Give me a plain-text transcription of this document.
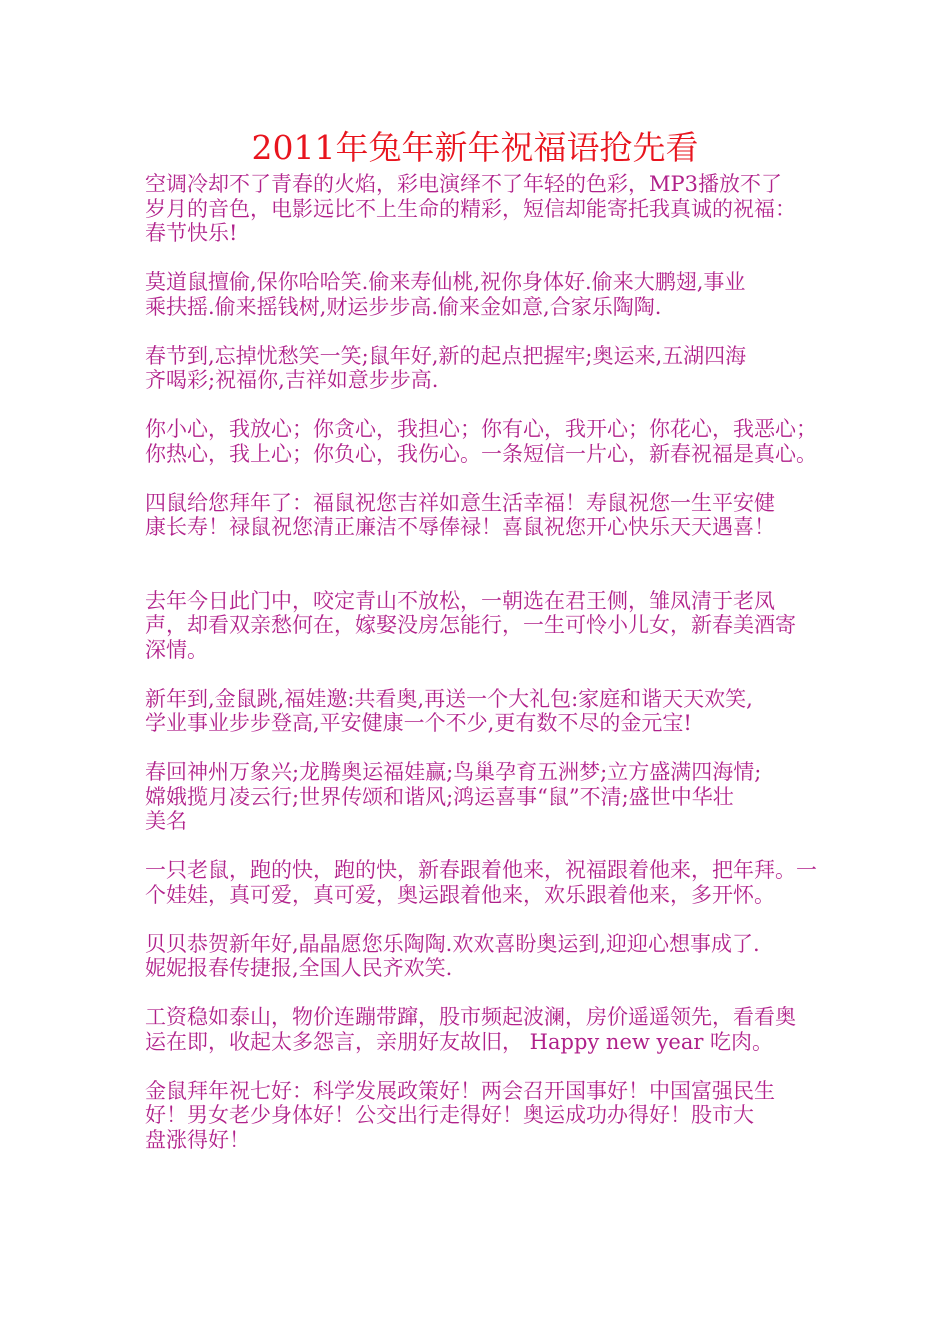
2011年兔年新年祝福语抢先看

空调冷却不了青春的火焰，彩电演绎不了年轻的色彩，MP3播放不了
岁月的音色，电影远比不上生命的精彩，短信却能寄托我真诚的祝福：
春节快乐!

莫道鼠擅偷,保你哈哈笑.偷来寿仙桃,祝你身体好.偷来大鹏翅,事业
乘扶摇.偷来摇钱树,财运步步高.偷来金如意,合家乐陶陶.

春节到,忘掉忧愁笑一笑;鼠年好,新的起点把握牢;奥运来,五湖四海
齐喝彩;祝福你,吉祥如意步步高.

你小心，我放心；你贪心，我担心；你有心，我开心；你花心，我恶心；
你热心，我上心；你负心，我伤心。一条短信一片心，新春祝福是真心。

四鼠给您拜年了：福鼠祝您吉祥如意生活幸福！寿鼠祝您一生平安健
康长寿！禄鼠祝您清正廉洁不辱俸禄！喜鼠祝您开心快乐天天遇喜！

去年今日此门中，咬定青山不放松，一朝选在君王侧，雏凤清于老凤
声，却看双亲愁何在，嫁娶没房怎能行，一生可怜小儿女，新春美酒寄
深情。

新年到,金鼠跳,福娃邀:共看奥,再送一个大礼包:家庭和谐天天欢笑,
学业事业步步登高,平安健康一个不少,更有数不尽的金元宝!

春回神州万象兴;龙腾奥运福娃赢;鸟巢孕育五洲梦;立方盛满四海情;
嫦娥揽月凌云行;世界传颂和谐风;鸿运喜事“鼠”不清;盛世中华壮
美名

一只老鼠，跑的快，跑的快，新春跟着他来，祝福跟着他来，把年拜。一
个娃娃，真可爱，真可爱，奥运跟着他来，欢乐跟着他来，多开怀。

贝贝恭贺新年好,晶晶愿您乐陶陶.欢欢喜盼奥运到,迎迎心想事成了.
妮妮报春传捷报,全国人民齐欢笑.

工资稳如泰山，物价连蹦带蹿，股市频起波澜，房价遥遥领先，看看奥
运在即，收起太多怨言，亲朋好友故旧， Happy new year 吃肉。

金鼠拜年祝七好：科学发展政策好！两会召开国事好！中国富强民生
好！男女老少身体好！公交出行走得好！奥运成功办得好！股市大
盘涨得好！
